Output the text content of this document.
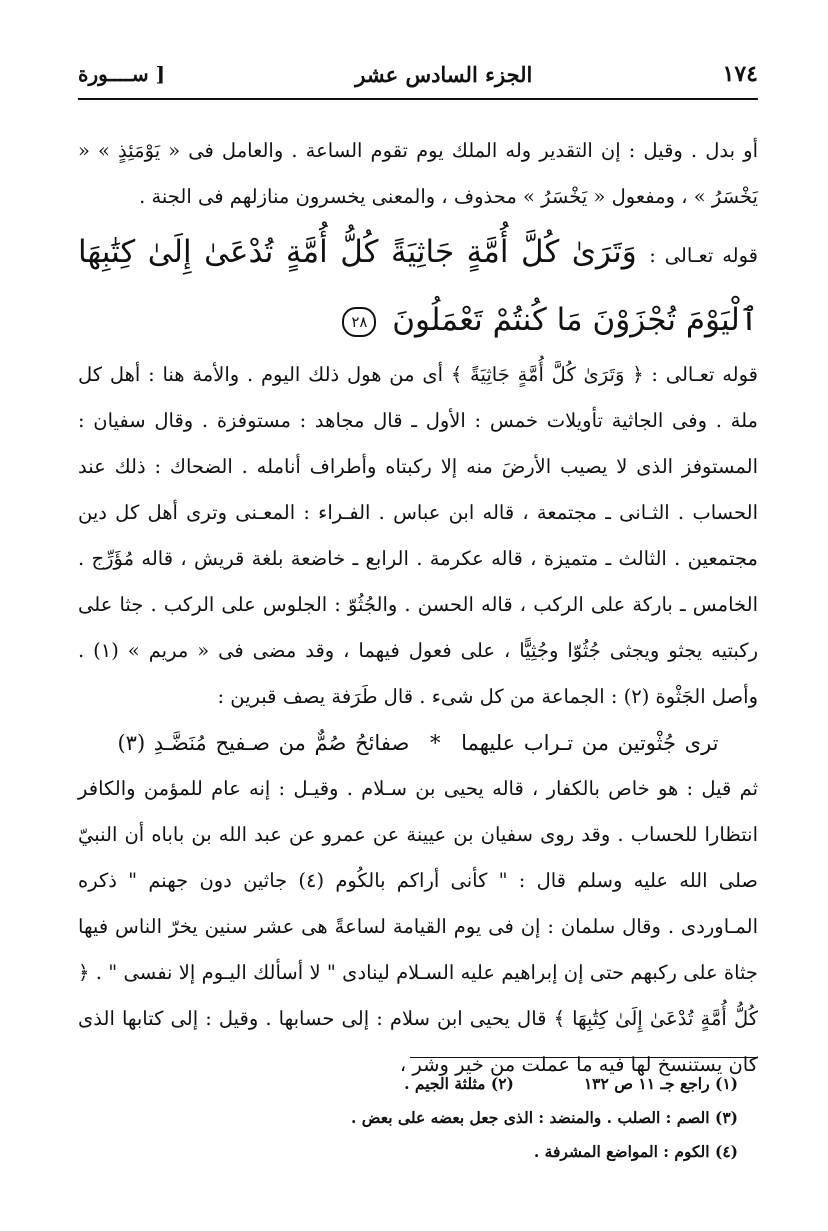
١٧٤
الجزء السادس عشر
[ ســــورة

أو بدل . وقيل : إن التقدير وله الملك يوم تقوم الساعة . والعامل فى « يَوْمَئِذٍ » « يَخْسَرُ » ، ومفعول « يَخْسَرُ » محذوف ، والمعنى يخسرون منازلهم فى الجنة .

قوله تعـالى : وَتَرَىٰ كُلَّ أُمَّةٍ جَاثِيَةً كُلُّ أُمَّةٍ تُدْعَىٰ إِلَىٰ كِتَٰبِهَا ٱلْيَوْمَ تُجْزَوْنَ مَا كُنتُمْ تَعْمَلُونَ ٢٨

قوله تعـالى : ﴿ وَتَرَىٰ كُلَّ أُمَّةٍ جَاثِيَةً ﴾ أى من هول ذلك اليوم . والأمة هنا : أهل كل ملة . وفى الجاثية تأويلات خمس : الأول ـ قال مجاهد : مستوفزة . وقال سفيان : المستوفز الذى لا يصيب الأرضَ منه إلا ركبتاه وأطراف أنامله . الضحاك : ذلك عند الحساب . الثـانى ـ مجتمعة ، قاله ابن عباس . الفـراء : المعـنى وترى أهل كل دين مجتمعين . الثالث ـ متميزة ، قاله عكرمة . الرابع ـ خاضعة بلغة قريش ، قاله مُؤَرِّج . الخامس ـ باركة على الركب ، قاله الحسن . والجُثُوّ : الجلوس على الركب . جثا على ركبتيه يجثو ويجثى جُثُوّا وجُثِيًّا ، على فعول فيهما ، وقد مضى فى « مريم » (١) . وأصل الجَثْوة (٢) : الجماعة من كل شىء . قال طَرَفة يصف قبرين :

ترى جُثْوتين من تـراب عليهما * صفائحُ صُمٌّ من صـفيح مُنَضَّـدِ (٣)

ثم قيل : هو خاص بالكفار ، قاله يحيى بن سـلام . وقيـل : إنه عام للمؤمن والكافر انتظارا للحساب . وقد روى سفيان بن عيينة عن عمرو عن عبد الله بن باباه أن النبيّ صلى الله عليه وسلم قال : " كأنى أراكم بالكُوم (٤) جاثين دون جهنم " ذكره المـاوردى . وقال سلمان : إن فى يوم القيامة لساعةً هى عشر سنين يخرّ الناس فيها جثاة على ركبهم حتى إن إبراهيم عليه السـلام لينادى " لا أسألك اليـوم إلا نفسى " . ﴿ كُلُّ أُمَّةٍ تُدْعَىٰ إِلَىٰ كِتَٰبِهَا ﴾ قال يحيى ابن سلام : إلى حسابها . وقيل : إلى كتابها الذى كان يستنسخ لها فيه ما عملت من خير وشر ،

(١) راجع جـ ١١ ص ١٣٢
(٢) مثلثة الجيم .
(٣) الصم : الصلب . والمنضد : الذى جعل بعضه على بعض .
(٤) الكوم : المواضع المشرفة .
